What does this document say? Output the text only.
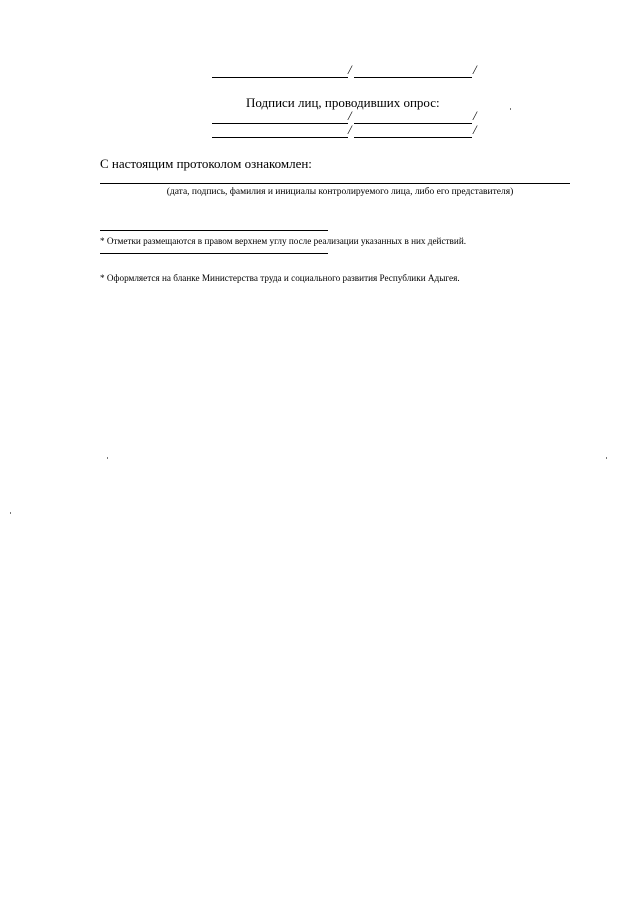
/	/
Подписи лиц, проводивших опрос:
/	/
/	/
С настоящим протоколом ознакомлен:
(дата, подпись, фамилия и инициалы контролируемого лица, либо его представителя)
* Отметки размещаются в правом верхнем углу после реализации указанных в них действий.
* Оформляется на бланке Министерства труда и социального развития Республики Адыгея.
